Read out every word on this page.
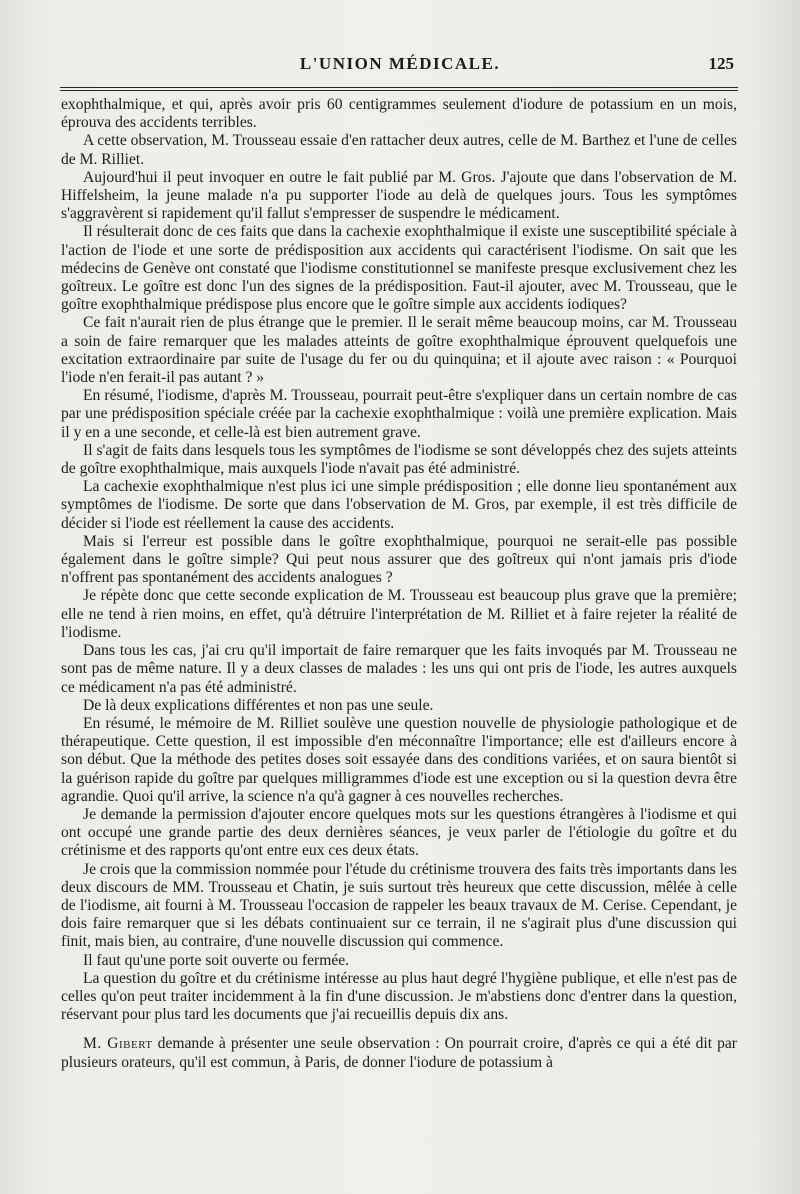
L'UNION MÉDICALE.	125

exophthalmique, et qui, après avoir pris 60 centigrammes seulement d'iodure de potassium en un mois, éprouva des accidents terribles.

A cette observation, M. Trousseau essaie d'en rattacher deux autres, celle de M. Barthez et l'une de celles de M. Rilliet.

Aujourd'hui il peut invoquer en outre le fait publié par M. Gros. J'ajoute que dans l'observation de M. Hiffelsheim, la jeune malade n'a pu supporter l'iode au delà de quelques jours. Tous les symptômes s'aggravèrent si rapidement qu'il fallut s'empresser de suspendre le médicament.

Il résulterait donc de ces faits que dans la cachexie exophthalmique il existe une susceptibilité spéciale à l'action de l'iode et une sorte de prédisposition aux accidents qui caractérisent l'iodisme. On sait que les médecins de Genève ont constaté que l'iodisme constitutionnel se manifeste presque exclusivement chez les goîtreux. Le goître est donc l'un des signes de la prédisposition. Faut-il ajouter, avec M. Trousseau, que le goître exophthalmique prédispose plus encore que le goître simple aux accidents iodiques?

Ce fait n'aurait rien de plus étrange que le premier. Il le serait même beaucoup moins, car M. Trousseau a soin de faire remarquer que les malades atteints de goître exophthalmique éprouvent quelquefois une excitation extraordinaire par suite de l'usage du fer ou du quinquina; et il ajoute avec raison : « Pourquoi l'iode n'en ferait-il pas autant ? »

En résumé, l'iodisme, d'après M. Trousseau, pourrait peut-être s'expliquer dans un certain nombre de cas par une prédisposition spéciale créée par la cachexie exophthalmique : voilà une première explication. Mais il y en a une seconde, et celle-là est bien autrement grave.

Il s'agit de faits dans lesquels tous les symptômes de l'iodisme se sont développés chez des sujets atteints de goître exophthalmique, mais auxquels l'iode n'avait pas été administré.

La cachexie exophthalmique n'est plus ici une simple prédisposition ; elle donne lieu spontanément aux symptômes de l'iodisme. De sorte que dans l'observation de M. Gros, par exemple, il est très difficile de décider si l'iode est réellement la cause des accidents.

Mais si l'erreur est possible dans le goître exophthalmique, pourquoi ne serait-elle pas possible également dans le goître simple? Qui peut nous assurer que des goîtreux qui n'ont jamais pris d'iode n'offrent pas spontanément des accidents analogues ?

Je répète donc que cette seconde explication de M. Trousseau est beaucoup plus grave que la première; elle ne tend à rien moins, en effet, qu'à détruire l'interprétation de M. Rilliet et à faire rejeter la réalité de l'iodisme.

Dans tous les cas, j'ai cru qu'il importait de faire remarquer que les faits invoqués par M. Trousseau ne sont pas de même nature. Il y a deux classes de malades : les uns qui ont pris de l'iode, les autres auxquels ce médicament n'a pas été administré.

De là deux explications différentes et non pas une seule.

En résumé, le mémoire de M. Rilliet soulève une question nouvelle de physiologie pathologique et de thérapeutique. Cette question, il est impossible d'en méconnaître l'importance; elle est d'ailleurs encore à son début. Que la méthode des petites doses soit essayée dans des conditions variées, et on saura bientôt si la guérison rapide du goître par quelques milligrammes d'iode est une exception ou si la question devra être agrandie. Quoi qu'il arrive, la science n'a qu'à gagner à ces nouvelles recherches.

Je demande la permission d'ajouter encore quelques mots sur les questions étrangères à l'iodisme et qui ont occupé une grande partie des deux dernières séances, je veux parler de l'étiologie du goître et du crétinisme et des rapports qu'ont entre eux ces deux états.

Je crois que la commission nommée pour l'étude du crétinisme trouvera des faits très importants dans les deux discours de MM. Trousseau et Chatin, je suis surtout très heureux que cette discussion, mêlée à celle de l'iodisme, ait fourni à M. Trousseau l'occasion de rappeler les beaux travaux de M. Cerise. Cependant, je dois faire remarquer que si les débats continuaient sur ce terrain, il ne s'agirait plus d'une discussion qui finit, mais bien, au contraire, d'une nouvelle discussion qui commence.

Il faut qu'une porte soit ouverte ou fermée.

La question du goître et du crétinisme intéresse au plus haut degré l'hygiène publique, et elle n'est pas de celles qu'on peut traiter incidemment à la fin d'une discussion. Je m'abstiens donc d'entrer dans la question, réservant pour plus tard les documents que j'ai recueillis depuis dix ans.

M. Gibert demande à présenter une seule observation : On pourrait croire, d'après ce qui a été dit par plusieurs orateurs, qu'il est commun, à Paris, de donner l'iodure de potassium à
